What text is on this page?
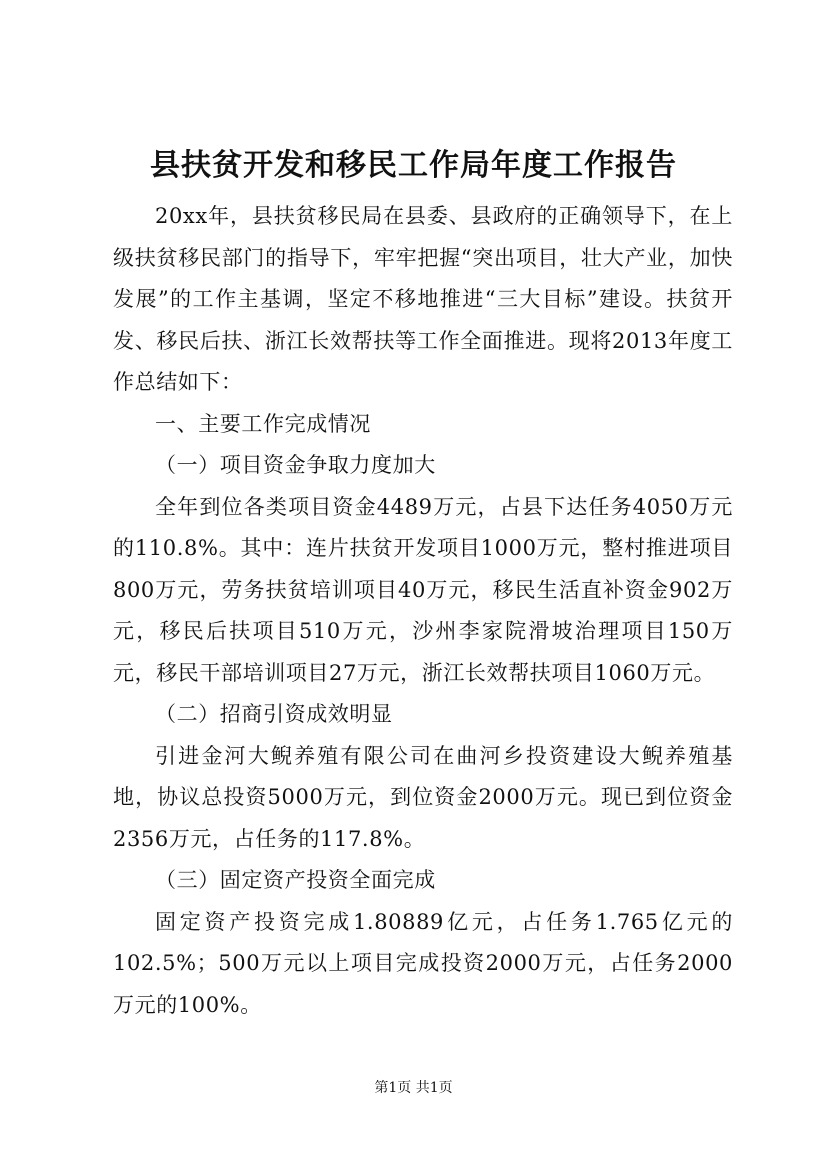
县扶贫开发和移民工作局年度工作报告

20xx年，县扶贫移民局在县委、县政府的正确领导下，在上级扶贫移民部门的指导下，牢牢把握“突出项目，壮大产业，加快发展”的工作主基调，坚定不移地推进“三大目标”建设。扶贫开发、移民后扶、浙江长效帮扶等工作全面推进。现将2013年度工作总结如下：

一、主要工作完成情况

（一）项目资金争取力度加大

全年到位各类项目资金4489万元，占县下达任务4050万元的110.8%。其中：连片扶贫开发项目1000万元，整村推进项目800万元，劳务扶贫培训项目40万元，移民生活直补资金902万元，移民后扶项目510万元，沙州李家院滑坡治理项目150万元，移民干部培训项目27万元，浙江长效帮扶项目1060万元。

（二）招商引资成效明显

引进金河大鲵养殖有限公司在曲河乡投资建设大鲵养殖基地，协议总投资5000万元，到位资金2000万元。现已到位资金2356万元，占任务的117.8%。

（三）固定资产投资全面完成

固定资产投资完成1.80889亿元，占任务1.765亿元的102.5%；500万元以上项目完成投资2000万元，占任务2000万元的100%。

第1页 共1页
